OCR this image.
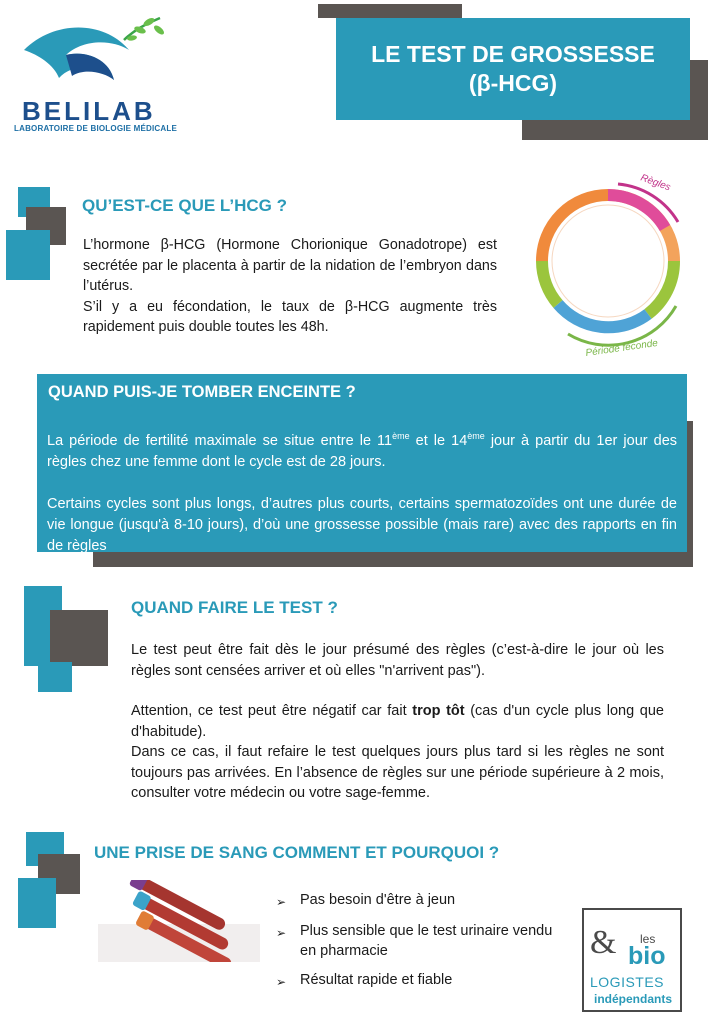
BELILAB
LABORATOIRE DE BIOLOGIE MÉDICALE
LE TEST DE GROSSESSE
(β-HCG)
QU’EST-CE QUE L’HCG ?

L’hormone β-HCG (Hormone Chorionique Gonadotrope) est secrétée par le placenta à partir de la nidation de l’embryon dans l’utérus.

S’il y a eu fécondation, le taux de β-HCG augmente très rapidement puis double toutes les 48h.

Règles
Période féconde
QUAND PUIS-JE TOMBER ENCEINTE ?

La période de fertilité maximale se situe entre le 11ème et le 14ème jour à partir du 1er jour des règles chez une femme dont le cycle est de 28 jours.

Certains cycles sont plus longs, d’autres plus courts, certains spermatozoïdes ont une durée de vie longue (jusqu'à 8-10 jours), d’où une grossesse possible (mais rare) avec des rapports en fin de règles

QUAND FAIRE LE TEST ?

Le test peut être fait dès le jour présumé des règles (c’est-à-dire le jour où les règles sont censées arriver et où elles "n'arrivent pas").

Attention, ce test peut être négatif car fait trop tôt (cas d'un cycle plus long que d'habitude).

Dans ce cas, il faut refaire le test quelques jours plus tard si les règles ne sont toujours pas arrivées. En l’absence de règles sur une période supérieure à 2 mois, consulter votre médecin ou votre sage-femme.

UNE PRISE DE SANG COMMENT ET POURQUOI ?
➢ Pas besoin d'être à jeun
➢ Plus sensible que le test urinaire vendu en pharmacie
➢ Résultat rapide et fiable
les
& bio
LOGISTES
indépendants
